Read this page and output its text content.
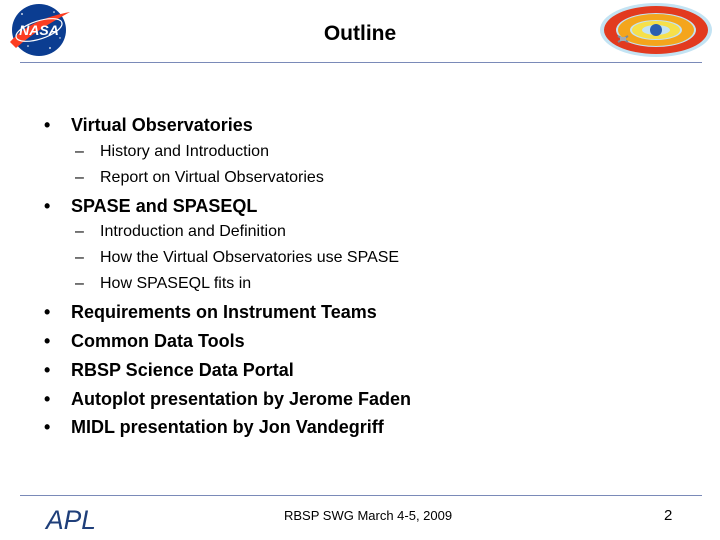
NASA	Outline
• Virtual Observatories
– History and Introduction
– Report on Virtual Observatories
• SPASE and SPASEQL
– Introduction and Definition
– How the Virtual Observatories use SPASE
– How SPASEQL fits in
• Requirements on Instrument Teams
• Common Data Tools
• RBSP Science Data Portal
• Autoplot presentation by Jerome Faden
• MIDL presentation by Jon Vandegriff
APL	RBSP SWG March 4-5, 2009	2
